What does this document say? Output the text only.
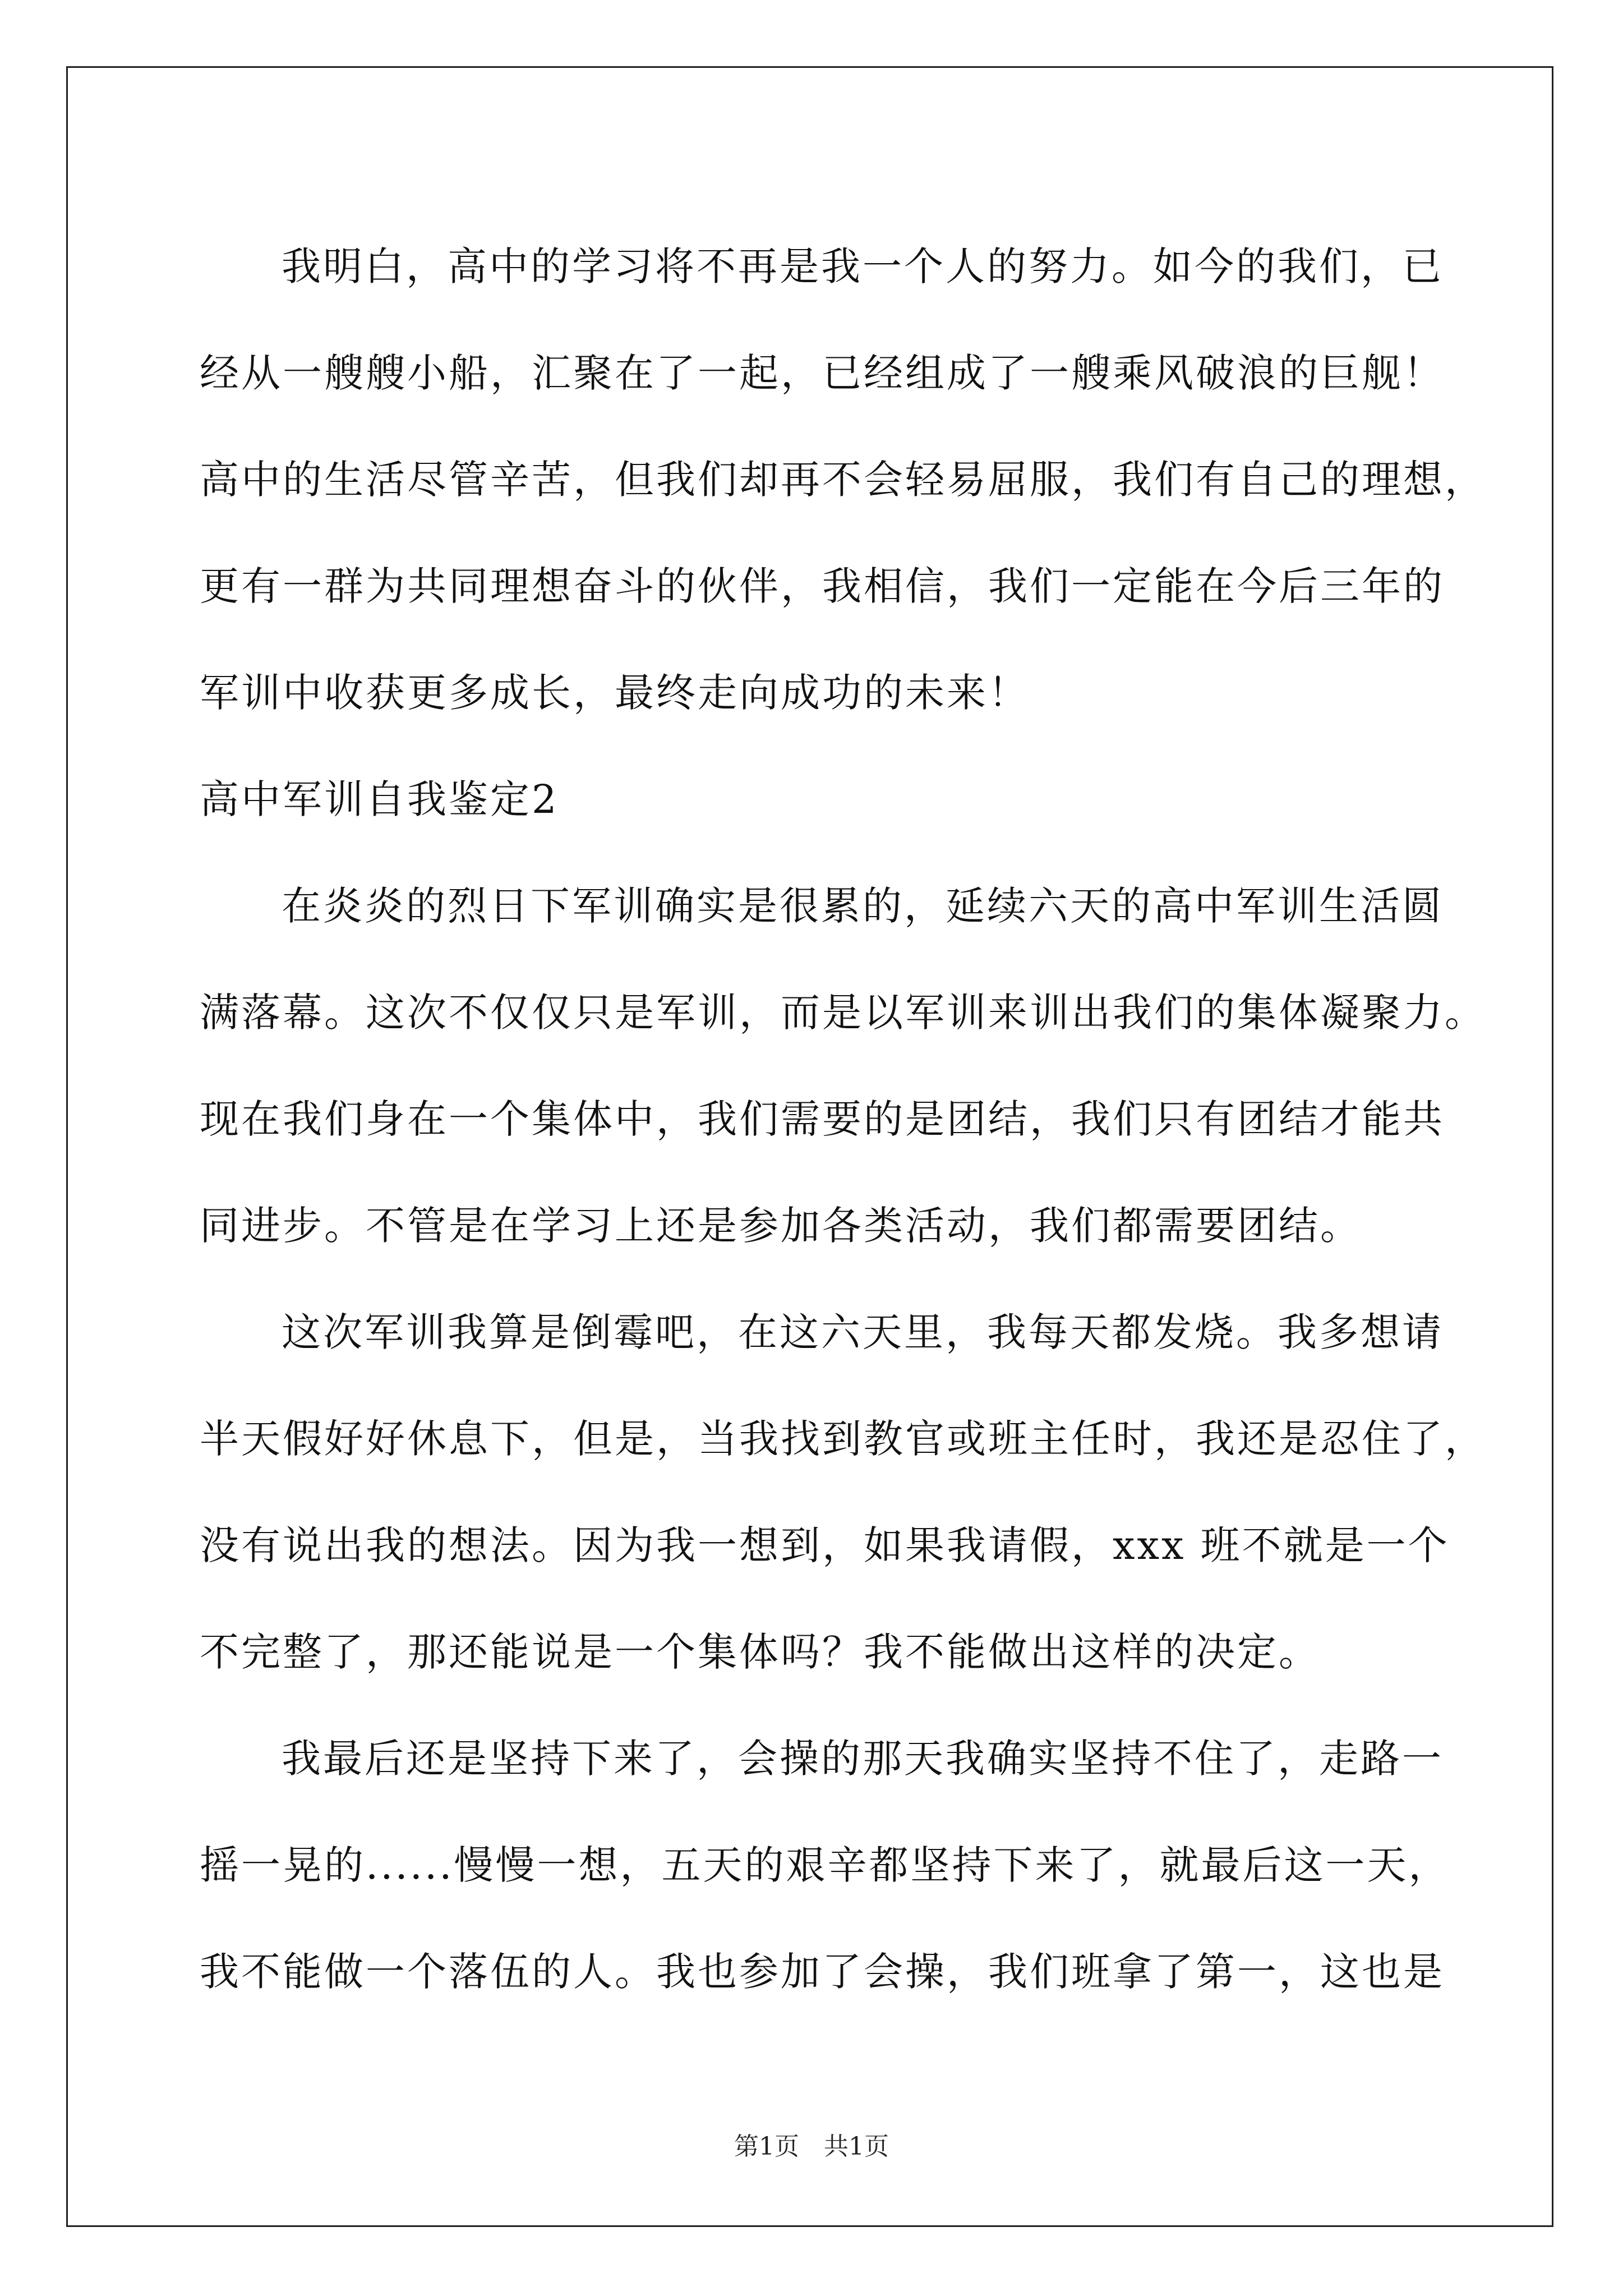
我明白，高中的学习将不再是我一个人的努力。如今的我们，已
经从一艘艘小船，汇聚在了一起，已经组成了一艘乘风破浪的巨舰！
高中的生活尽管辛苦，但我们却再不会轻易屈服，我们有自己的理想，
更有一群为共同理想奋斗的伙伴，我相信，我们一定能在今后三年的
军训中收获更多成长，最终走向成功的未来！
高中军训自我鉴定2
在炎炎的烈日下军训确实是很累的，延续六天的高中军训生活圆
满落幕。这次不仅仅只是军训，而是以军训来训出我们的集体凝聚力。
现在我们身在一个集体中，我们需要的是团结，我们只有团结才能共
同进步。不管是在学习上还是参加各类活动，我们都需要团结。
这次军训我算是倒霉吧，在这六天里，我每天都发烧。我多想请
半天假好好休息下，但是，当我找到教官或班主任时，我还是忍住了，
没有说出我的想法。因为我一想到，如果我请假，xxx 班不就是一个
不完整了，那还能说是一个集体吗？我不能做出这样的决定。
我最后还是坚持下来了，会操的那天我确实坚持不住了，走路一
摇一晃的......慢慢一想，五天的艰辛都坚持下来了，就最后这一天，
我不能做一个落伍的人。我也参加了会操，我们班拿了第一，这也是
第1页　共1页
